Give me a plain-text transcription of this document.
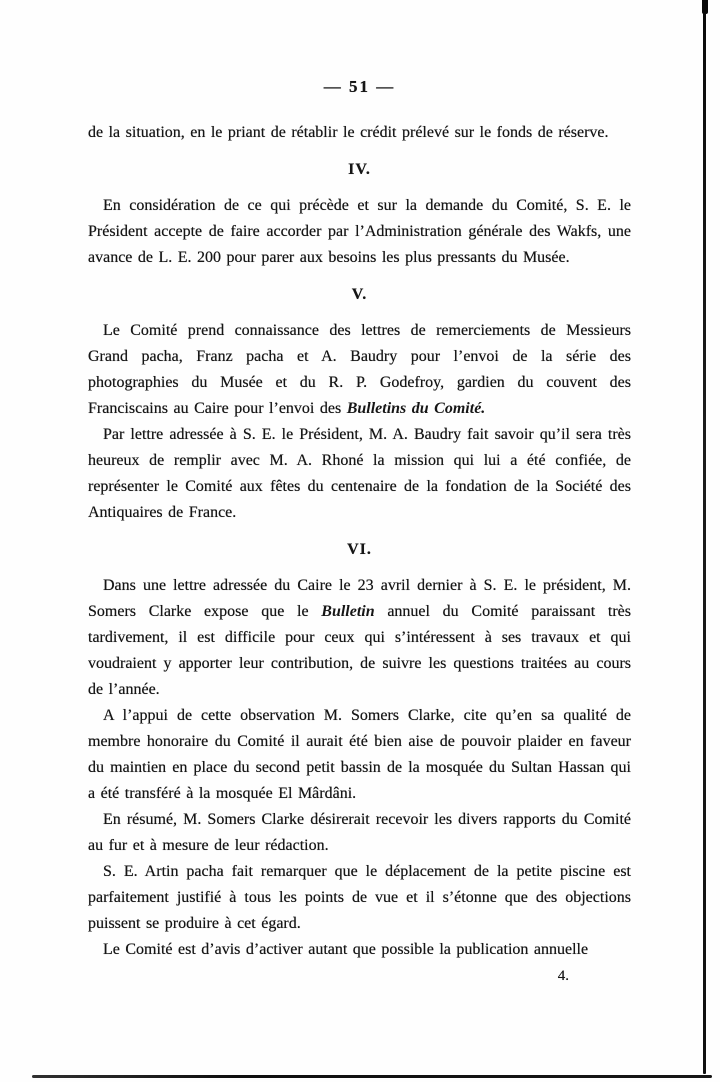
— 51 —

de la situation, en le priant de rétablir le crédit prélevé sur le fonds de réserve.

IV.

En considération de ce qui précède et sur la demande du Comité, S. E. le Président accepte de faire accorder par l’Administration générale des Wakfs, une avance de L. E. 200 pour parer aux besoins les plus pressants du Musée.

V.

Le Comité prend connaissance des lettres de remerciements de Messieurs Grand pacha, Franz pacha et A. Baudry pour l’envoi de la série des photographies du Musée et du R. P. Godefroy, gardien du couvent des Franciscains au Caire pour l’envoi des Bulletins du Comité.

Par lettre adressée à S. E. le Président, M. A. Baudry fait savoir qu’il sera très heureux de remplir avec M. A. Rhoné la mission qui lui a été confiée, de représenter le Comité aux fêtes du centenaire de la fondation de la Société des Antiquaires de France.

VI.

Dans une lettre adressée du Caire le 23 avril dernier à S. E. le président, M. Somers Clarke expose que le Bulletin annuel du Comité paraissant très tardivement, il est difficile pour ceux qui s’intéressent à ses travaux et qui voudraient y apporter leur contribution, de suivre les questions traitées au cours de l’année.

A l’appui de cette observation M. Somers Clarke, cite qu’en sa qualité de membre honoraire du Comité il aurait été bien aise de pouvoir plaider en faveur du maintien en place du second petit bassin de la mosquée du Sultan Hassan qui a été transféré à la mosquée El Mârdâni.

En résumé, M. Somers Clarke désirerait recevoir les divers rapports du Comité au fur et à mesure de leur rédaction.

S. E. Artin pacha fait remarquer que le déplacement de la petite piscine est parfaitement justifié à tous les points de vue et il s’étonne que des objections puissent se produire à cet égard.

Le Comité est d’avis d’activer autant que possible la publication annuelle

4.
